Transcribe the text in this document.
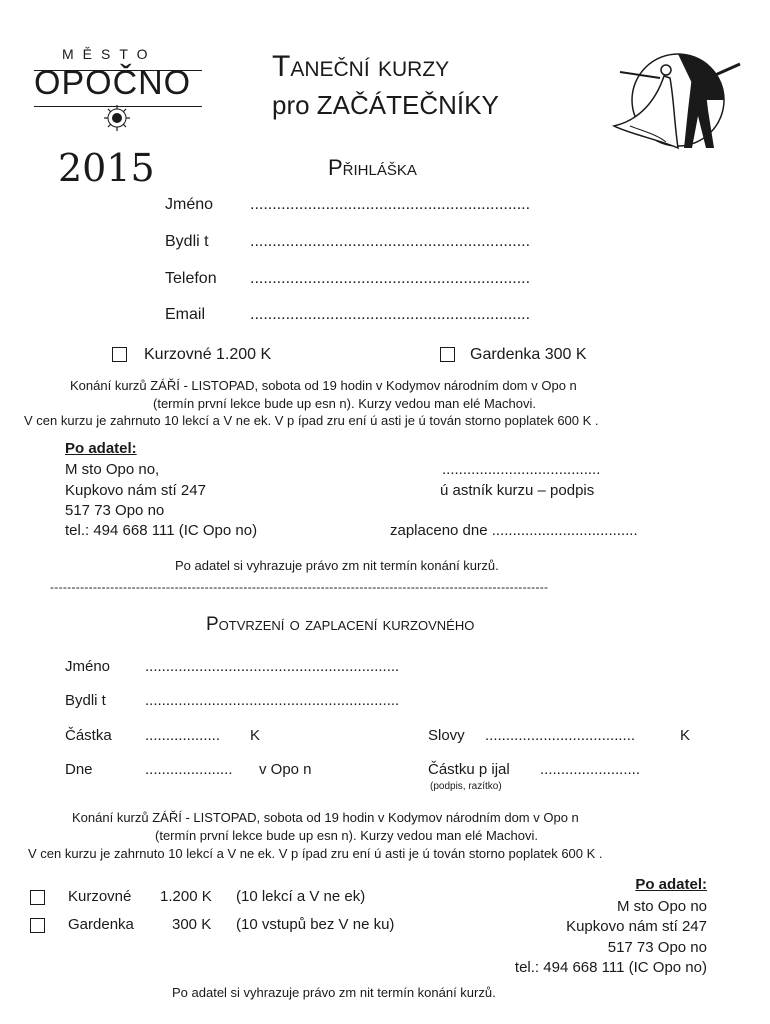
MĚSTO
OPOČNO
2015
Taneční kurzy
pro ZAČÁTEČNÍKY
Přihláška
Jméno ...............................................................
Bydli t	...............................................................
Telefon ...............................................................
Email	...............................................................
Kurzovné 1.200 K	Gardenka 300 K
Konání kurzů ZÁŘÍ - LISTOPAD, sobota od 19 hodin v Kodymov národním dom v Opo n
(termín první lekce bude up esn n). Kurzy vedou man elé Machovi.
V cen kurzu je zahrnuto 10 lekcí a V ne ek. V p ípad zru ení ú asti je ú tován storno poplatek 600 K .
Po adatel:
M sto Opo no,
Kupkovo nám stí 247
517 73 Opo no
tel.: 494 668 111 (IC Opo no)
......................................
ú astník kurzu – podpis
zaplaceno dne ...................................
Po adatel si vyhrazuje právo zm nit termín konání kurzů.
--------------------------------------------------------------------------------------------------------------------
Potvrzení o zaplacení kurzovného
Jméno .............................................................
Bydli t	.............................................................
Částka .................. K	Slovy ....................................	K
Dne	..................... v Opo n	Částku p ijal ........................
(podpis, razítko)
Konání kurzů ZÁŘÍ - LISTOPAD, sobota od 19 hodin v Kodymov národním dom v Opo n
(termín první lekce bude up esn n). Kurzy vedou man elé Machovi.
V cen kurzu je zahrnuto 10 lekcí a V ne ek. V p ípad zru ení ú asti je ú tován storno poplatek 600 K .
Kurzovné 1.200 K (10 lekcí a V ne ek)
Gardenka	300 K (10 vstupů bez V ne ku)
Po adatel:
M sto Opo no
Kupkovo nám stí 247
517 73 Opo no
tel.: 494 668 111 (IC Opo no)
Po adatel si vyhrazuje právo zm nit termín konání kurzů.
